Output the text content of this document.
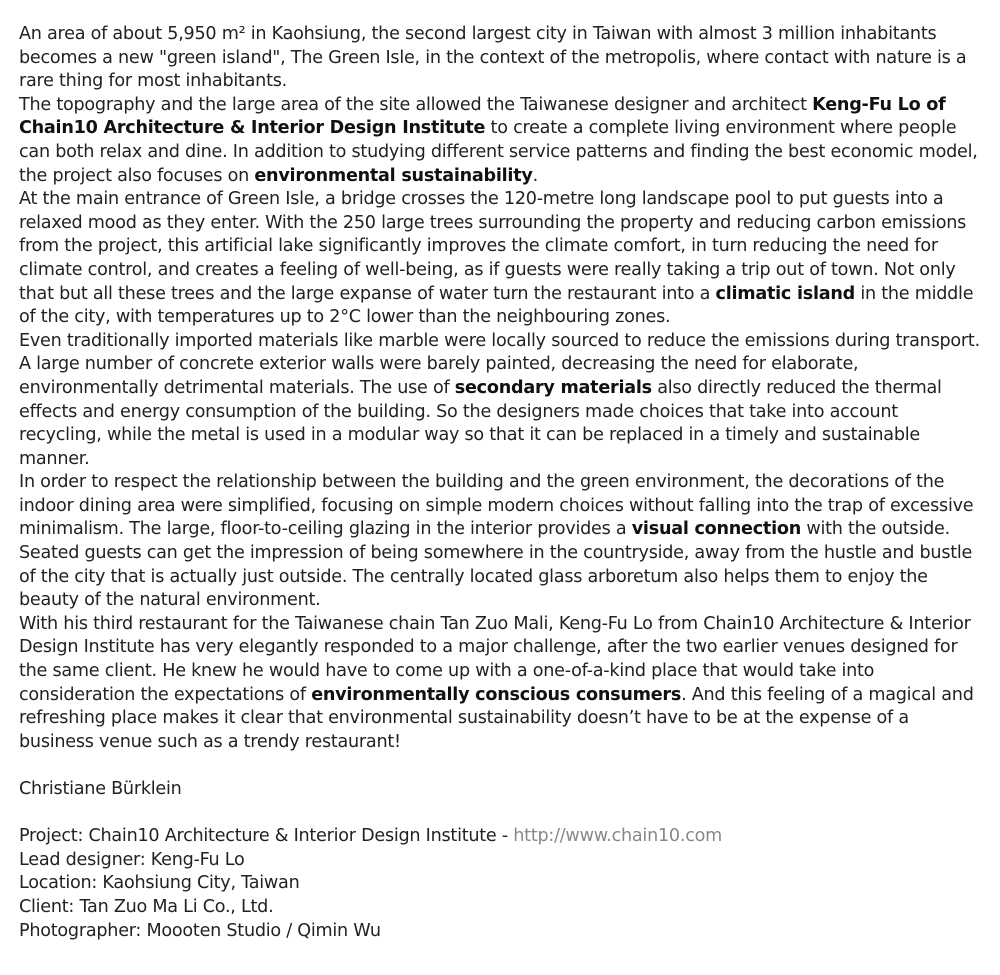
An area of about 5,950 m² in Kaohsiung, the second largest city in Taiwan with almost 3 million inhabitants becomes a new "green island", The Green Isle, in the context of the metropolis, where contact with nature is a rare thing for most inhabitants.

The topography and the large area of the site allowed the Taiwanese designer and architect Keng-Fu Lo of Chain10 Architecture & Interior Design Institute to create a complete living environment where people can both relax and dine. In addition to studying different service patterns and finding the best economic model, the project also focuses on environmental sustainability.

At the main entrance of Green Isle, a bridge crosses the 120-metre long landscape pool to put guests into a relaxed mood as they enter. With the 250 large trees surrounding the property and reducing carbon emissions from the project, this artificial lake significantly improves the climate comfort, in turn reducing the need for climate control, and creates a feeling of well-being, as if guests were really taking a trip out of town. Not only that but all these trees and the large expanse of water turn the restaurant into a climatic island in the middle of the city, with temperatures up to 2°C lower than the neighbouring zones.

Even traditionally imported materials like marble were locally sourced to reduce the emissions during transport. A large number of concrete exterior walls were barely painted, decreasing the need for elaborate, environmentally detrimental materials. The use of secondary materials also directly reduced the thermal effects and energy consumption of the building. So the designers made choices that take into account recycling, while the metal is used in a modular way so that it can be replaced in a timely and sustainable manner.

In order to respect the relationship between the building and the green environment, the decorations of the indoor dining area were simplified, focusing on simple modern choices without falling into the trap of excessive minimalism. The large, floor-to-ceiling glazing in the interior provides a visual connection with the outside. Seated guests can get the impression of being somewhere in the countryside, away from the hustle and bustle of the city that is actually just outside. The centrally located glass arboretum also helps them to enjoy the beauty of the natural environment.

With his third restaurant for the Taiwanese chain Tan Zuo Mali, Keng-Fu Lo from Chain10 Architecture & Interior Design Institute has very elegantly responded to a major challenge, after the two earlier venues designed for the same client. He knew he would have to come up with a one-of-a-kind place that would take into consideration the expectations of environmentally conscious consumers. And this feeling of a magical and refreshing place makes it clear that environmental sustainability doesn’t have to be at the expense of a business venue such as a trendy restaurant!

Christiane Bürklein

Project: Chain10 Architecture & Interior Design Institute - http://www.chain10.com

Lead designer: Keng-Fu Lo

Location: Kaohsiung City, Taiwan

Client: Tan Zuo Ma Li Co., Ltd.

Photographer: Moooten Studio / Qimin Wu
